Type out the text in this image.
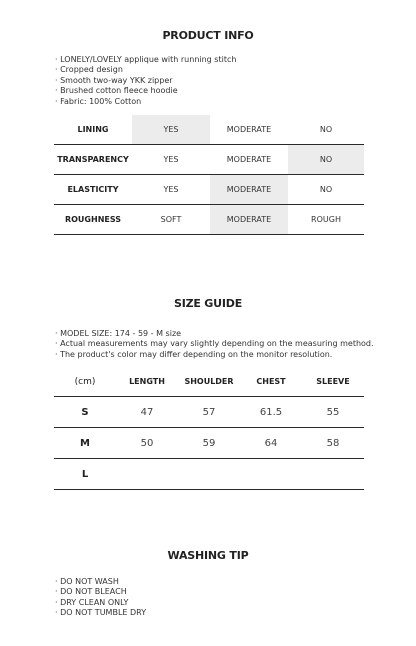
PRODUCT INFO
· LONELY/LOVELY applique with running stitch
· Cropped design
· Smooth two-way YKK zipper
· Brushed cotton fleece hoodie
· Fabric: 100% Cotton
LINING	YES	MODERATE	NO
TRANSPARENCY	YES	MODERATE	NO
ELASTICITY	YES	MODERATE	NO
ROUGHNESS	SOFT	MODERATE	ROUGH
SIZE GUIDE
· MODEL SIZE: 174 - 59 - M size
· Actual measurements may vary slightly depending on the measuring method.
· The product's color may differ depending on the monitor resolution.
(cm)	LENGTH	SHOULDER	CHEST	SLEEVE
S	47	57	61.5	55
M	50	59	64	58
L				
WASHING TIP
· DO NOT WASH
· DO NOT BLEACH
· DRY CLEAN ONLY
· DO NOT TUMBLE DRY
